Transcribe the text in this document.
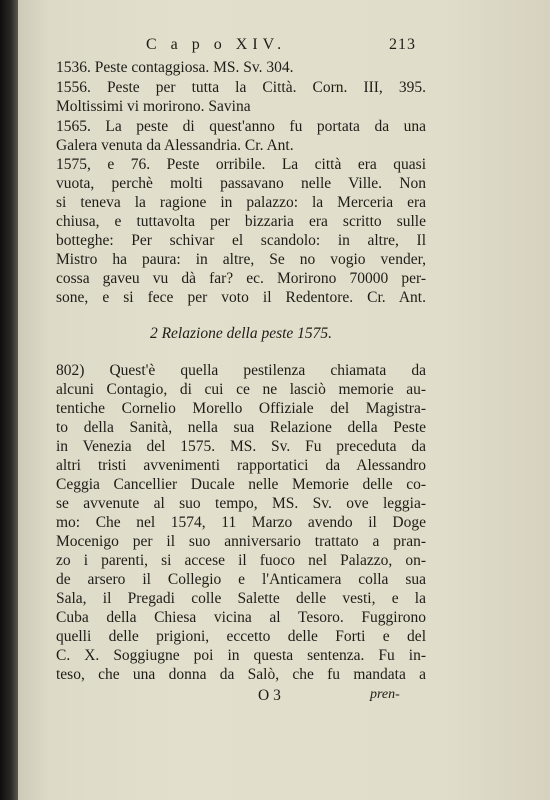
C a p o XIV.	213
1536. Peste contaggiosa. MS. Sv. 304.
1556. Peste per tutta la Città. Corn. III, 395.
Moltissimi vi morirono. Savina
1565. La peste di quest'anno fu portata da una
Galera venuta da Alessandria. Cr. Ant.
1575, e 76. Peste orribile. La città era quasi
vuota, perchè molti passavano nelle Ville. Non
si teneva la ragione in palazzo: la Merceria era
chiusa, e tuttavolta per bizzaria era scritto sulle
botteghe: Per schivar el scandolo: in altre, Il
Mistro ha paura: in altre, Se no vogio vender,
cossa gaveu vu dà far? ec. Morirono 70000 per-
sone, e si fece per voto il Redentore. Cr. Ant.
2 Relazione della peste 1575.
802) Quest'è quella pestilenza chiamata da
alcuni Contagio, di cui ce ne lasciò memorie au-
tentiche Cornelio Morello Offiziale del Magistra-
to della Sanità, nella sua Relazione della Peste
in Venezia del 1575. MS. Sv. Fu preceduta da
altri tristi avvenimenti rapportatici da Alessandro
Ceggia Cancellier Ducale nelle Memorie delle co-
se avvenute al suo tempo, MS. Sv. ove leggia-
mo: Che nel 1574, 11 Marzo avendo il Doge
Mocenigo per il suo anniversario trattato a pran-
zo i parenti, si accese il fuoco nel Palazzo, on-
de arsero il Collegio e l'Anticamera colla sua
Sala, il Pregadi colle Salette delle vesti, e la
Cuba della Chiesa vicina al Tesoro. Fuggirono
quelli delle prigioni, eccetto delle Forti e del
C. X. Soggiugne poi in questa sentenza. Fu in-
teso, che una donna da Salò, che fu mandata a
O 3	pren-
